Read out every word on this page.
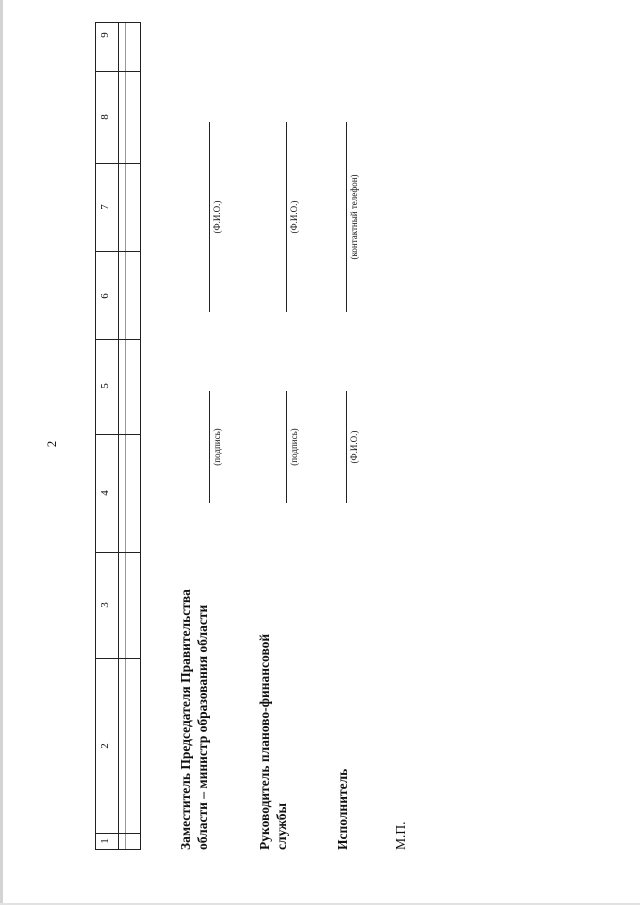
2
1
2
3
4
5
6
7
8
9
Заместитель Председателя Правительства области – министр образования области
(подпись)
(Ф.И.О.)
Руководитель планово-финансовой службы
(подпись)
(Ф.И.О.)
Исполнитель
(Ф.И.О.)
(контактный телефон)
М.П.
